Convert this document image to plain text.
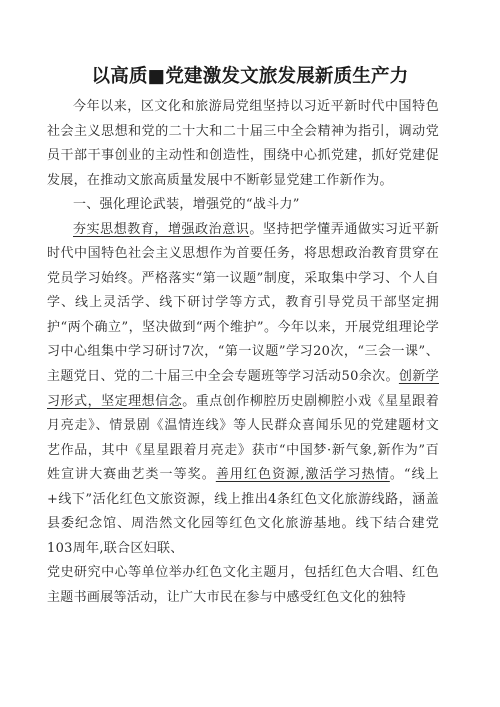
以高质■党建激发文旅发展新质生产力

今年以来，区文化和旅游局党组坚持以习近平新时代中国特色社会主义思想和党的二十大和二十届三中全会精神为指引，调动党员干部干事创业的主动性和创造性，围绕中心抓党建，抓好党建促发展，在推动文旅高质量发展中不断彰显党建工作新作为。

一、强化理论武装，增强党的“战斗力”

夯实思想教育，增强政治意识。坚持把学懂弄通做实习近平新时代中国特色社会主义思想作为首要任务，将思想政治教育贯穿在党员学习始终。严格落实“第一议题”制度，采取集中学习、个人自学、线上灵活学、线下研讨学等方式，教育引导党员干部坚定拥护“两个确立”，坚决做到“两个维护”。今年以来，开展党组理论学习中心组集中学习研讨7次，“第一议题”学习20次，“三会一课”、主题党日、党的二十届三中全会专题班等学习活动50余次。创新学习形式，坚定理想信念。重点创作柳腔历史剧柳腔小戏《星星跟着月亮走》、情景剧《温情连线》等人民群众喜闻乐见的党建题材文艺作品，其中《星星跟着月亮走》获市“中国梦·新气象,新作为”百姓宣讲大赛曲艺类一等奖。善用红色资源,激活学习热情。“线上+线下”活化红色文旅资源，线上推出4条红色文化旅游线路，涵盖县委纪念馆、周浩然文化园等红色文化旅游基地。线下结合建党103周年,联合区妇联、

党史研究中心等单位举办红色文化主题月，包括红色大合唱、红色主题书画展等活动，让广大市民在参与中感受红色文化的独特
